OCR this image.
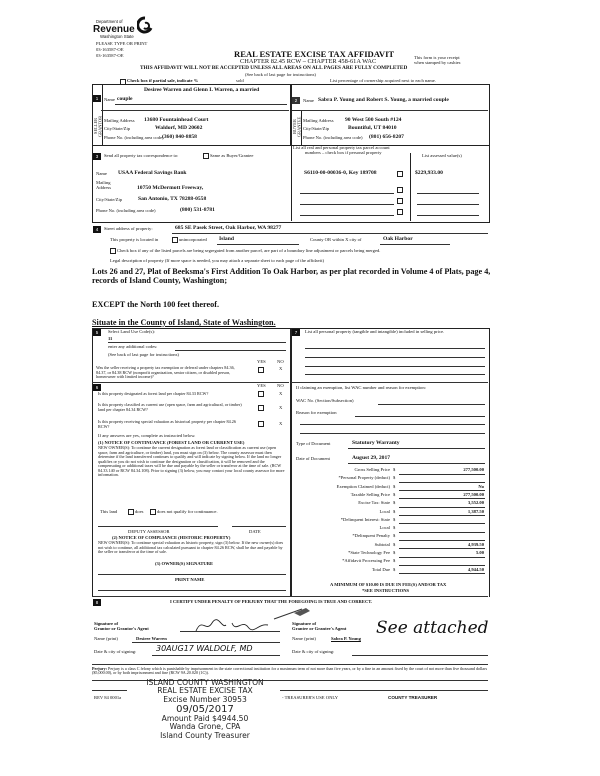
Department of
Revenue
Washington State
PLEASE TYPE OR PRINT
03-163587-OE
03-163587-OE	REAL ESTATE EXCISE TAX AFFIDAVIT
CHAPTER 82.45 RCW – CHAPTER 458-61A WAC
This form is your receipt
when stamped by cashier.
THIS AFFIDAVIT WILL NOT BE ACCEPTED UNLESS ALL AREAS ON ALL PAGES ARE FULLY COMPLETED
(See back of last page for instructions)
Check box if partial sale, indicate %	sold	List percentage of ownership acquired next to each name.
1
SELLER GRANTOR
Name
Desiree Warren and Glenn I. Warren, a married
couple
Mailing Address 13680 Fountainhead Court
City/State/Zip	Waldorf, MD 20602
Phone No. (including area code)
(360) 840-8858
2
BUYER GRANTEE
Name Sabra P. Young and Robert S. Young, a married couple
Mailing Address 90 West 500 South #124
City/State/Zip	Bountiful, UT 84010
Phone No. (including area code) (801) 656-8207
3	Send all property tax correspondence to:	Same as Buyer/Grantee
Name USAA Federal Savings Bank
Mailing
Address	10750 McDermott Freeway,
City/State/Zip	San Antonio, TX 78288-0558
Phone No. (including area code)	(800) 531-8781
List all real and personal property tax parcel account
numbers – check box if personal property
List assessed value(s)
S6110-00-00036-0, Key 189708	$229,933.00
4	Street address of property:	685 SE Pasek Street, Oak Harbor, WA 98277
This property is located in	unincorporated Island	County OR within X city of	Oak Harbor
Check box if any of the listed parcels are being segregated from another parcel, are part of a boundary line adjustment or parcels being merged.
Legal description of property (If more space is needed, you may attach a separate sheet to each page of the affidavit)
Lots 26 and 27, Plat of Beeksma's First Addition To Oak Harbor, as per plat recorded in Volume 4 of Plats, page 4, records of Island County, Washington;
EXCEPT the North 100 feet thereof.
Situate in the County of Island, State of Washington.
5	Select Land Use Code(s):
11
enter any additional codes:
(See back of last page for instructions)
YES NO
Was the seller receiving a property tax exemption or deferral under chapters 84.36, 84.37, or 84.38 RCW (nonprofit organization, senior citizen, or disabled person, homeowner with limited income)?
X
6	YES NO
Is this property designated as forest land per chapter 84.33 RCW?	X
Is this property classified as current use (open space, farm and agricultural, or timber) land per chapter 84.34 RCW?	X
Is this property receiving special valuation as historical property per chapter 84.26 RCW?
X
If any answers are yes, complete as instructed below.
(1) NOTICE OF CONTINUANCE (FOREST LAND OR CURRENT USE)
NEW OWNER(S): To continue the current designation as forest land or classification as current use (open space, farm and agriculture, or timber) land, you must sign on (3) below. The county assessor must then determine if the land transferred continues to qualify and will indicate by signing below. If the land no longer qualifies or you do not wish to continue the designation or classification, it will be removed and the compensating or additional taxes will be due and payable by the seller or transferor at the time of sale. (RCW 84.33.140 or RCW 84.34.108). Prior to signing (3) below, you may contact your local county assessor for more information.
This land	does	does not qualify for continuance.
DEPUTY ASSESSOR	DATE
(2) NOTICE OF COMPLIANCE (HISTORIC PROPERTY)
NEW OWNER(S): To continue special valuation as historic property, sign (3) below. If the new owner(s) does not wish to continue, all additional tax calculated pursuant to chapter 84.26 RCW, shall be due and payable by the seller or transferor at the time of sale.
(3) OWNER(S) SIGNATURE
PRINT NAME
7	List all personal property (tangible and intangible) included in selling price.
If claiming an exemption, list WAC number and reason for exemption:
WAC No. (Section/Subsection)
Reason for exemption
Type of Document	Statutory Warranty
Date of Document	August 29, 2017
Gross Selling Price $	277,500.00
*Personal Property (deduct) $
Exemption Claimed (deduct) $	No
Taxable Selling Price $	277,500.00
Excise Tax: State $	3,552.00
Local $	1,387.50
*Delinquent Interest: State $
Local $
*Delinquent Penalty $
Subtotal $	4,939.50
*State Technology Fee $	5.00
*Affidavit Processing Fee $
Total Due $	4,944.50
A MINIMUM OF $10.00 IS DUE IN FEE(S) AND/OR TAX
*SEE INSTRUCTIONS
8	I CERTIFY UNDER PENALTY OF PERJURY THAT THE FOREGOING IS TRUE AND CORRECT.
Signature of
Grantor or Grantor's Agent
Name (print)	Desiree Warren
Date & city of signing: 30AUG17 WALDOLF, MD
Signature of
Grantee or Grantee's Agent
Name (print)	Sabra P. Young
Date & city of signing:
See attached
Perjury: Perjury is a class C felony which is punishable by imprisonment in the state correctional institution for a maximum term of not more than five years, or by a fine in an amount fixed by the court of not more than five thousand dollars ($5,000.00), or by both imprisonment and fine (RCW 9A.20.020 (1C)).
REV 84 0001a	- TREASURER'S USE ONLY	COUNTY TREASURER
ISLAND COUNTY WASHINGTON
REAL ESTATE EXCISE TAX
Excise Number 30953
09/05/2017
Amount Paid $4944.50
Wanda Grone, CPA
Island County Treasurer
